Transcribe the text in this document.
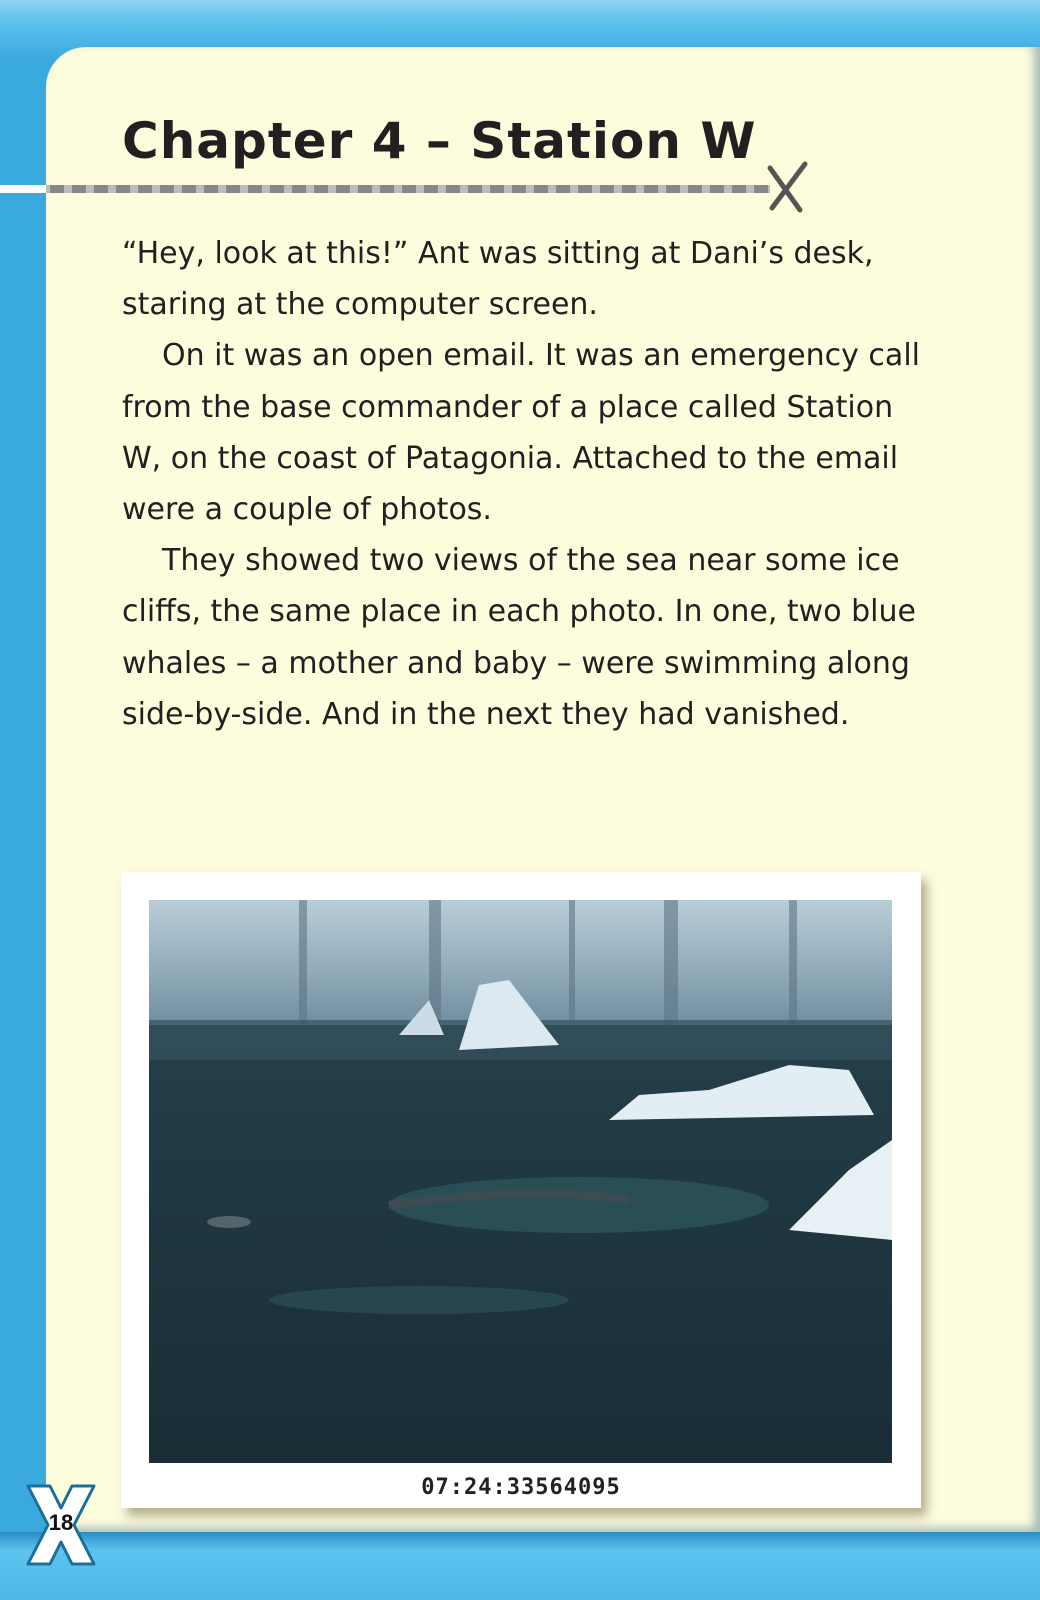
Chapter 4 – Station W

“Hey, look at this!” Ant was sitting at Dani’s desk, staring at the computer screen.

On it was an open email. It was an emergency call from the base commander of a place called Station W, on the coast of Patagonia. Attached to the email were a couple of photos.

They showed two views of the sea near some ice cliffs, the same place in each photo. In one, two blue whales – a mother and baby – were swimming along side-by-side. And in the next they had vanished.

07:24:33564095
18
